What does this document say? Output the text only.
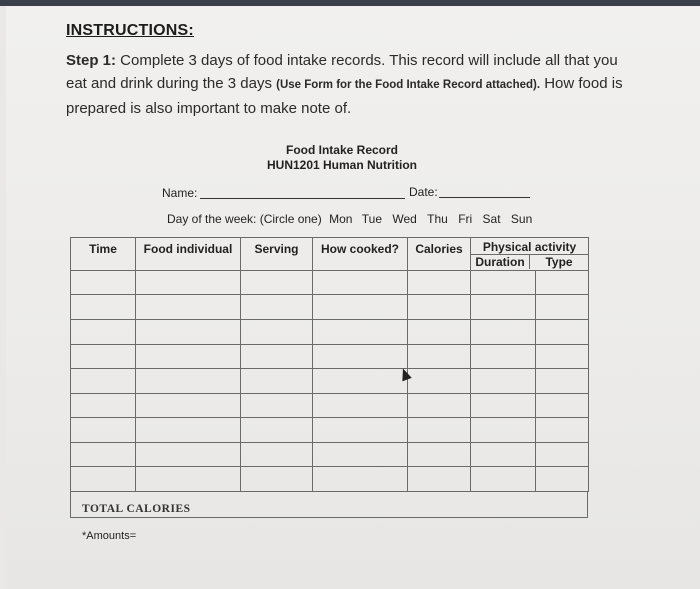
INSTRUCTIONS:
Step 1: Complete 3 days of food intake records. This record will include all that you eat and drink during the 3 days (Use Form for the Food Intake Record attached). How food is prepared is also important to make note of.
Food Intake Record
HUN1201 Human Nutrition
Name:	Date:
Day of the week: (Circle one) Mon Tue Wed Thu Fri Sat Sun
Time	Food individual	Serving	How cooked?	Calories	Physical activity
Duration Type	

TOTAL CALORIES
*Amounts=
